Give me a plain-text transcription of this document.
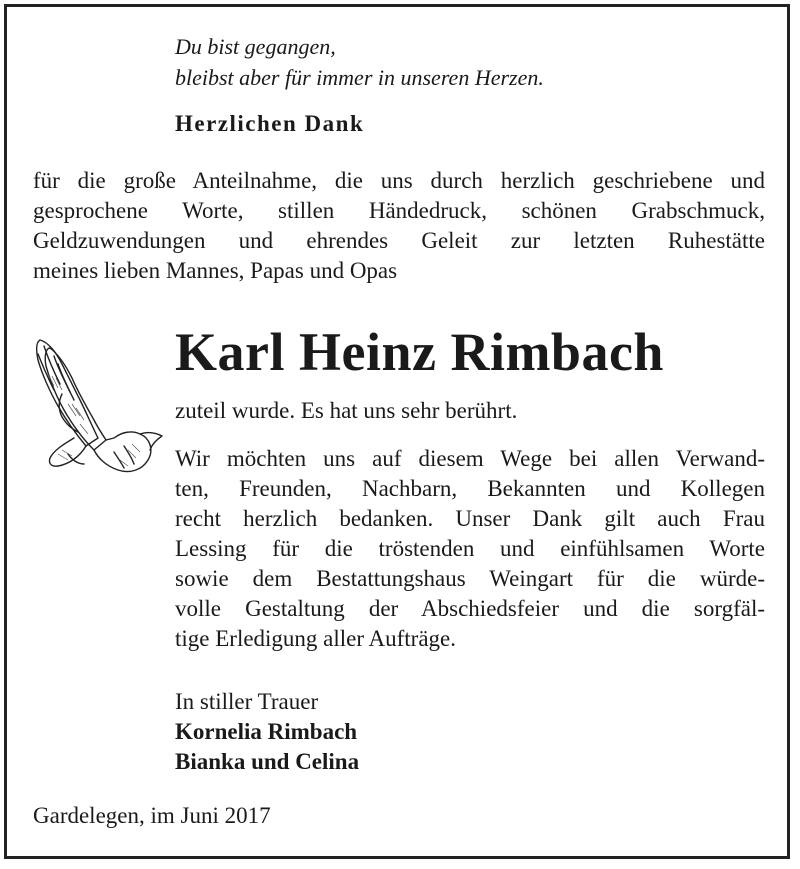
Du bist gegangen,
bleibst aber für immer in unseren Herzen.
Herzlichen Dank
für die große Anteilnahme, die uns durch herzlich geschriebene und
gesprochene Worte, stillen Händedruck, schönen Grabschmuck,
Geldzuwendungen und ehrendes Geleit zur letzten Ruhestätte
meines lieben Mannes, Papas und Opas
Karl Heinz Rimbach
zuteil wurde. Es hat uns sehr berührt.
Wir möchten uns auf diesem Wege bei allen Verwand-
ten, Freunden, Nachbarn, Bekannten und Kollegen
recht herzlich bedanken. Unser Dank gilt auch Frau
Lessing für die tröstenden und einfühlsamen Worte
sowie dem Bestattungshaus Weingart für die würde-
volle Gestaltung der Abschiedsfeier und die sorgfäl-
tige Erledigung aller Aufträge.
In stiller Trauer
Kornelia Rimbach
Bianka und Celina
Gardelegen, im Juni 2017
